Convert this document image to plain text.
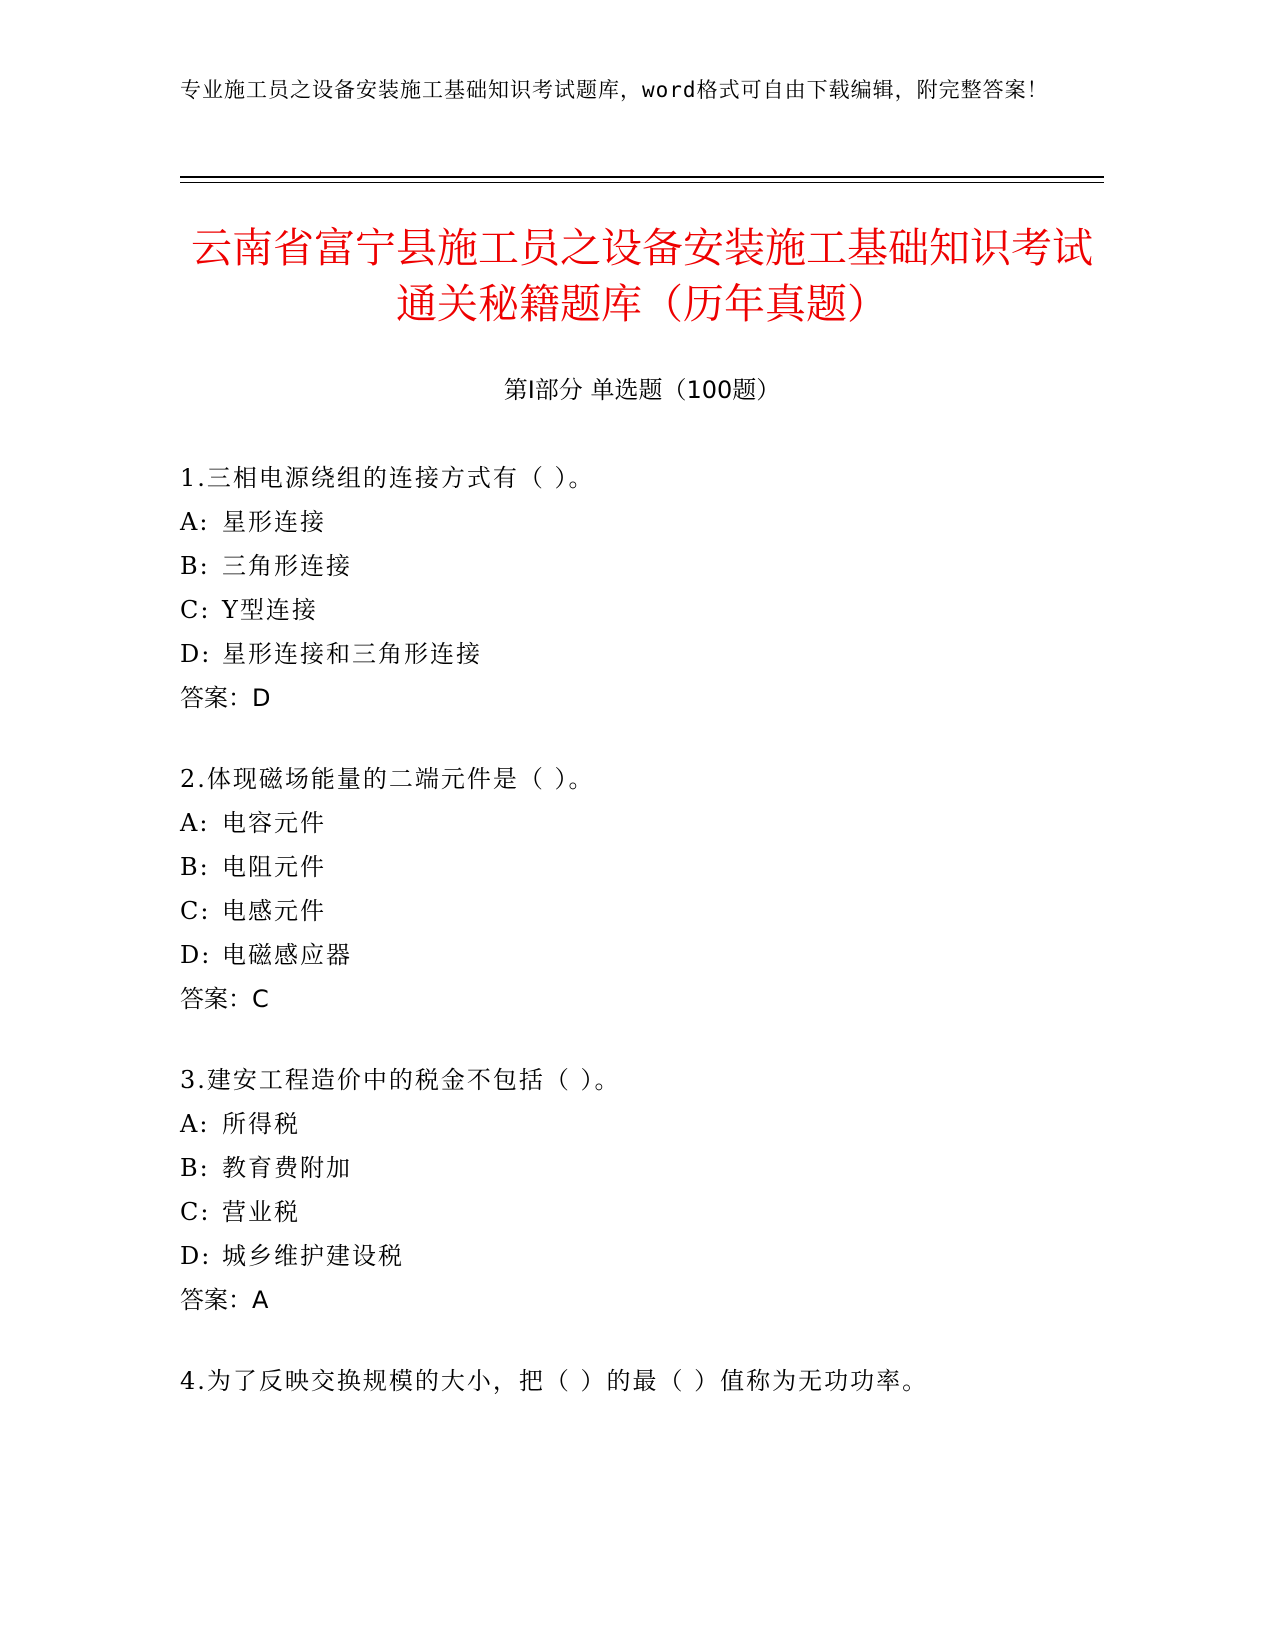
专业施工员之设备安装施工基础知识考试题库，word格式可自由下载编辑，附完整答案！
云南省富宁县施工员之设备安装施工基础知识考试通关秘籍题库（历年真题）
第Ⅰ部分 单选题（100题）
1.三相电源绕组的连接方式有（ ）。
A: 星形连接
B: 三角形连接
C: Y型连接
D: 星形连接和三角形连接
答案：D
2.体现磁场能量的二端元件是（ ）。
A: 电容元件
B: 电阻元件
C: 电感元件
D: 电磁感应器
答案：C
3.建安工程造价中的税金不包括（ ）。
A: 所得税
B: 教育费附加
C: 营业税
D: 城乡维护建设税
答案：A
4.为了反映交换规模的大小，把（ ）的最（ ）值称为无功功率。
